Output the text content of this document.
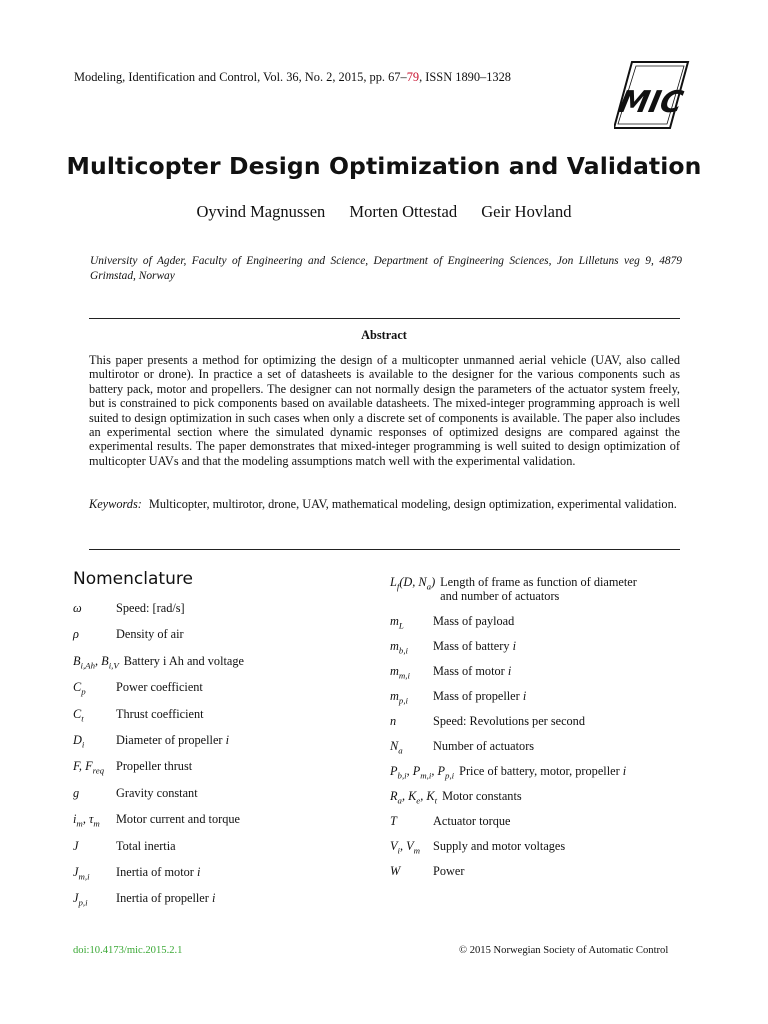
Modeling, Identification and Control, Vol. 36, No. 2, 2015, pp. 67–79, ISSN 1890–1328
MIC
Multicopter Design Optimization and Validation
Oyvind Magnussen Morten Ottestad Geir Hovland
University of Agder, Faculty of Engineering and Science, Department of Engineering Sciences, Jon Lilletuns veg 9, 4879 Grimstad, Norway
Abstract
This paper presents a method for optimizing the design of a multicopter unmanned aerial vehicle (UAV, also called multirotor or drone). In practice a set of datasheets is available to the designer for the various components such as battery pack, motor and propellers. The designer can not normally design the parameters of the actuator system freely, but is constrained to pick components based on available datasheets. The mixed-integer programming approach is well suited to design optimization in such cases when only a discrete set of components is available. The paper also includes an experimental section where the simulated dynamic responses of optimized designs are compared against the experimental results. The paper demonstrates that mixed-integer programming is well suited to design optimization of multicopter UAVs and that the modeling assumptions match well with the experimental validation.
Keywords: Multicopter, multirotor, drone, UAV, mathematical modeling, design optimization, experimental validation.
Nomenclature
ω	Speed: [rad/s]
ρ	Density of air
$B_{i,Ah}$, $B_{i,V}$ Battery i Ah and voltage
$C_p$ Power coefficient
$C_t$	Thrust coefficient
$D_i$	Diameter of propeller i
F, $F_{req}$ Propeller thrust
g	Gravity constant
$i_m$, $\tau_m$ Motor current and torque
J	Total inertia
$J_{m,i}$ Inertia of motor i
$J_{p,i}$ Inertia of propeller i
$L_f(D$, $N_a$) Length of frame as function of diameter
and number of actuators
$m_L$ Mass of payload
$m_{b,i}$ Mass of battery i
$m_{m,i}$ Mass of motor i
$m_{p,i}$ Mass of propeller i
n	Speed: Revolutions per second
$N_a$ Number of actuators
$P_{b,i}$, $P_{m,i}$, $P_{p,i}$ Price of battery, motor, propeller i
$R_a$, $K_e$, $K_t$ Motor constants
T	Actuator torque
$V_i$, $V_m$ Supply and motor voltages
W	Power
doi:10.4173/mic.2015.2.1	© 2015 Norwegian Society of Automatic Control
